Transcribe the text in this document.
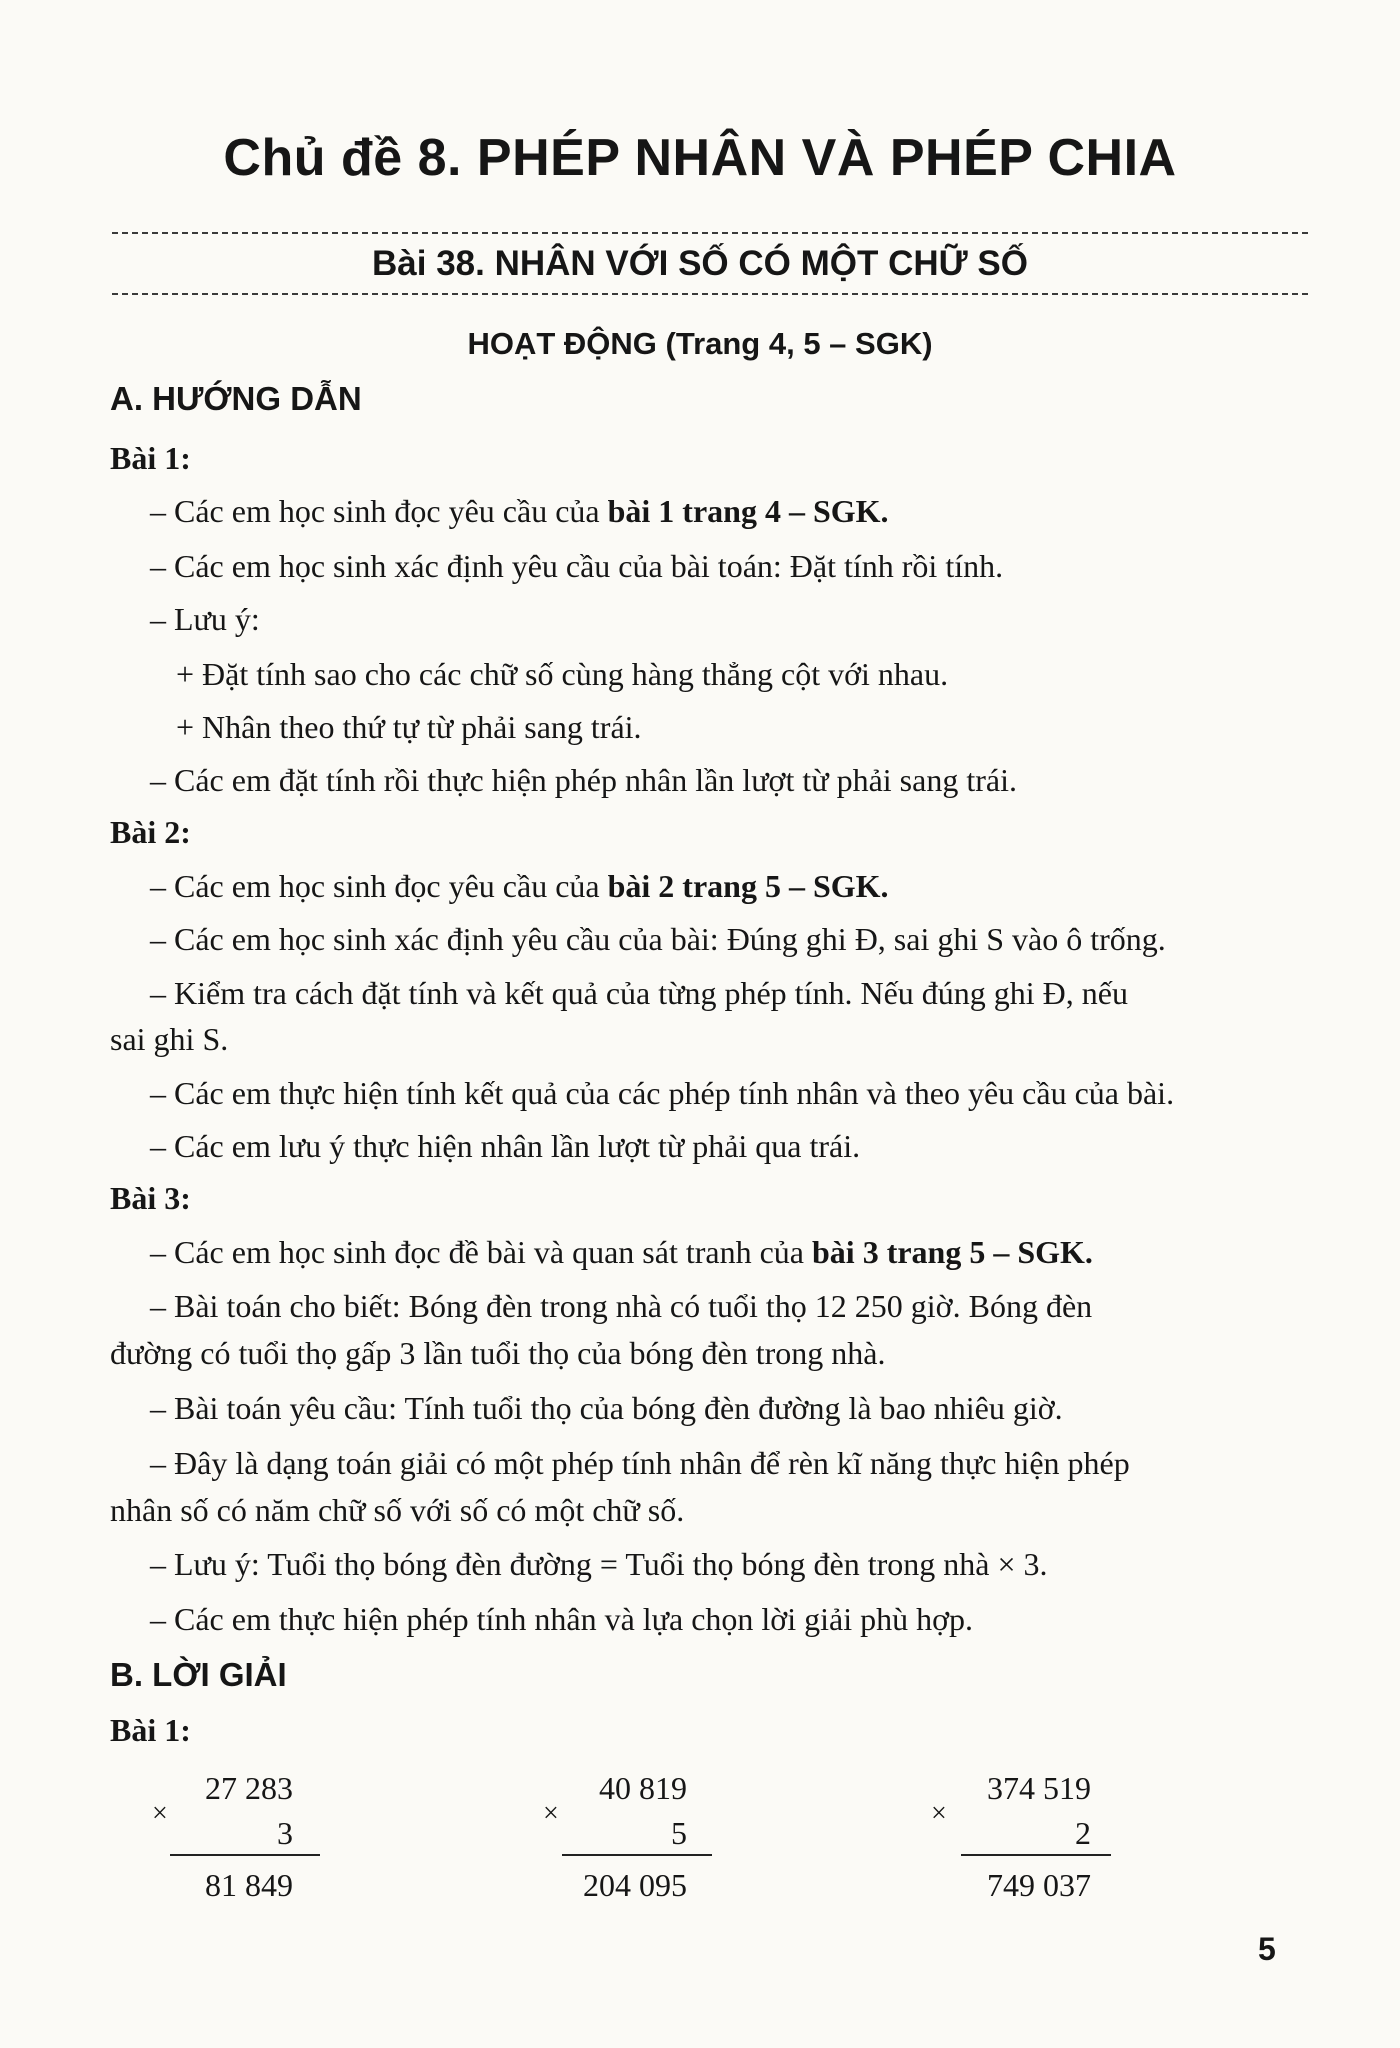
Chủ đề 8. PHÉP NHÂN VÀ PHÉP CHIA
Bài 38. NHÂN VỚI SỐ CÓ MỘT CHỮ SỐ
HOẠT ĐỘNG (Trang 4, 5 – SGK)
A. HƯỚNG DẪN
Bài 1:
– Các em học sinh đọc yêu cầu của bài 1 trang 4 – SGK.
– Các em học sinh xác định yêu cầu của bài toán: Đặt tính rồi tính.
– Lưu ý:
+ Đặt tính sao cho các chữ số cùng hàng thẳng cột với nhau.
+ Nhân theo thứ tự từ phải sang trái.
– Các em đặt tính rồi thực hiện phép nhân lần lượt từ phải sang trái.
Bài 2:
– Các em học sinh đọc yêu cầu của bài 2 trang 5 – SGK.
– Các em học sinh xác định yêu cầu của bài: Đúng ghi Đ, sai ghi S vào ô trống.
– Kiểm tra cách đặt tính và kết quả của từng phép tính. Nếu đúng ghi Đ, nếu
sai ghi S.
– Các em thực hiện tính kết quả của các phép tính nhân và theo yêu cầu của bài.
– Các em lưu ý thực hiện nhân lần lượt từ phải qua trái.
Bài 3:
– Các em học sinh đọc đề bài và quan sát tranh của bài 3 trang 5 – SGK.
– Bài toán cho biết: Bóng đèn trong nhà có tuổi thọ 12 250 giờ. Bóng đèn
đường có tuổi thọ gấp 3 lần tuổi thọ của bóng đèn trong nhà.
– Bài toán yêu cầu: Tính tuổi thọ của bóng đèn đường là bao nhiêu giờ.
– Đây là dạng toán giải có một phép tính nhân để rèn kĩ năng thực hiện phép
nhân số có năm chữ số với số có một chữ số.
– Lưu ý: Tuổi thọ bóng đèn đường = Tuổi thọ bóng đèn trong nhà × 3.
– Các em thực hiện phép tính nhân và lựa chọn lời giải phù hợp.
B. LỜI GIẢI
Bài 1:
27 283
×
3
81 849
40 819
×
5
204 095
374 519
×
2
749 037
5
